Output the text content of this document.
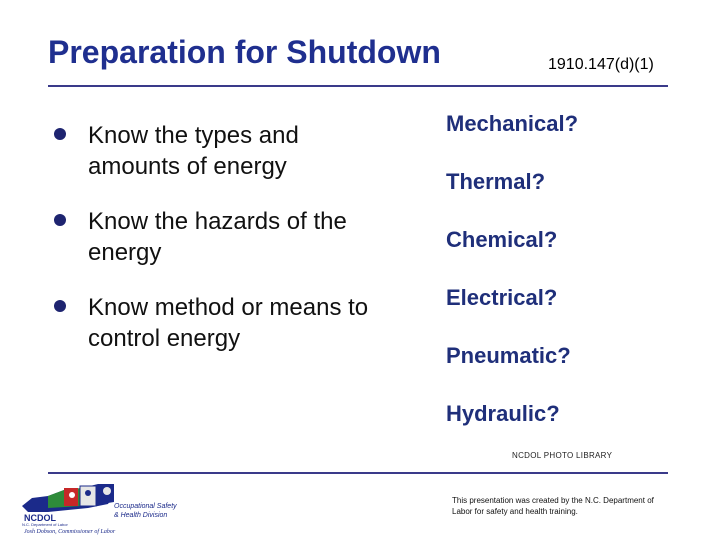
Preparation for Shutdown	1910.147(d)(1)
Know the types and amounts of energy
Know the hazards of the energy
Know method or means to control energy
Mechanical?
Thermal?
Chemical?
Electrical?
Pneumatic?
Hydraulic?
NCDOL PHOTO LIBRARY
NCDOL
N.C. Department of Labor
Occupational Safety
& Health Division
Josh Dobson, Commissioner of Labor
This presentation was created by the N.C. Department of Labor for safety and health training.
